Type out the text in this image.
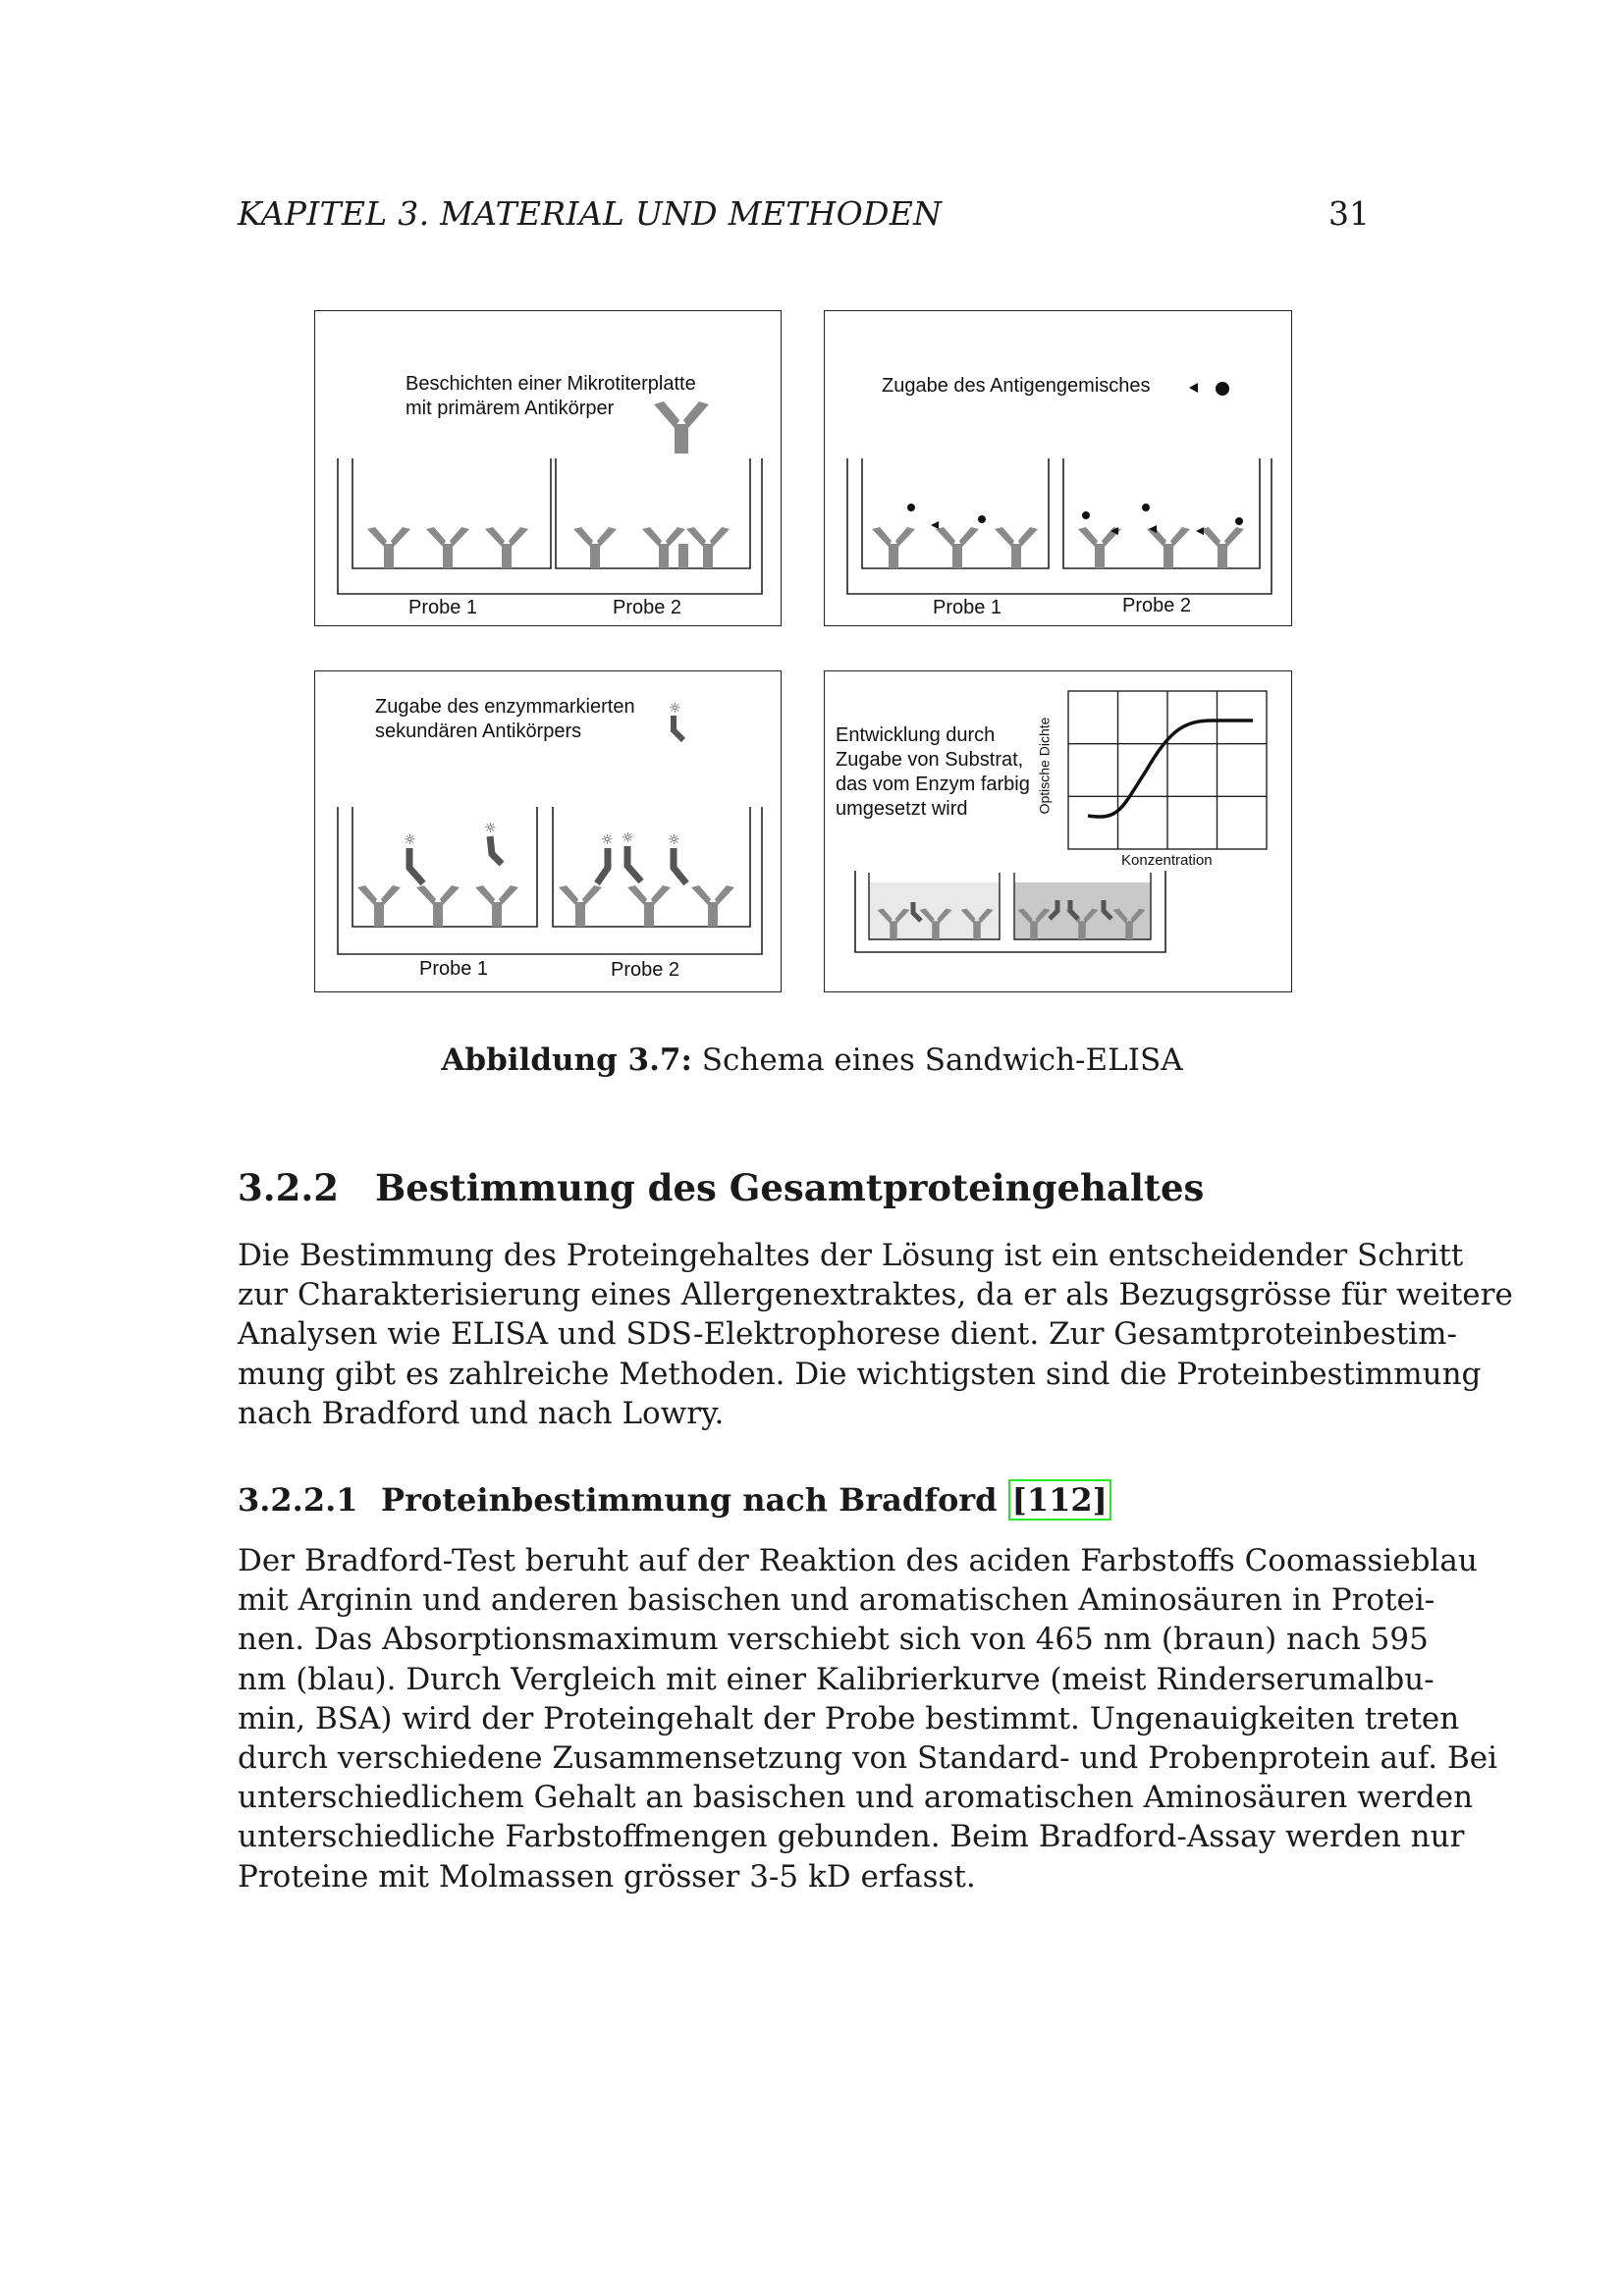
KAPITEL 3. MATERIAL UND METHODEN	31
Beschichten einer Mikrotiterplatte
mit primärem Antikörper
Probe 1	Probe 2
Zugabe des Antigengemisches
Probe 1	Probe 2
☼
☼
☼ ☼ ☼
☼
Zugabe des enzymmarkierten
sekundären Antikörpers
Probe 1	Probe 2
Entwicklung durch
Zugabe von Substrat,
das vom Enzym farbig
umgesetzt wird	Optische Dichte
Konzentration
Abbildung 3.7: Schema eines Sandwich-ELISA
3.2.2 Bestimmung des Gesamtproteingehaltes
Die Bestimmung des Proteingehaltes der Lösung ist ein entscheidender Schritt
zur Charakterisierung eines Allergenextraktes, da er als Bezugsgrösse für weitere
Analysen wie ELISA und SDS-Elektrophorese dient. Zur Gesamtproteinbestim-
mung gibt es zahlreiche Methoden. Die wichtigsten sind die Proteinbestimmung
nach Bradford und nach Lowry.
3.2.2.1 Proteinbestimmung nach Bradford [112]
Der Bradford-Test beruht auf der Reaktion des aciden Farbstoffs Coomassieblau
mit Arginin und anderen basischen und aromatischen Aminosäuren in Protei-
nen. Das Absorptionsmaximum verschiebt sich von 465 nm (braun) nach 595
nm (blau). Durch Vergleich mit einer Kalibrierkurve (meist Rinderserumalbu-
min, BSA) wird der Proteingehalt der Probe bestimmt. Ungenauigkeiten treten
durch verschiedene Zusammensetzung von Standard- und Probenprotein auf. Bei
unterschiedlichem Gehalt an basischen und aromatischen Aminosäuren werden
unterschiedliche Farbstoffmengen gebunden. Beim Bradford-Assay werden nur
Proteine mit Molmassen grösser 3-5 kD erfasst.
